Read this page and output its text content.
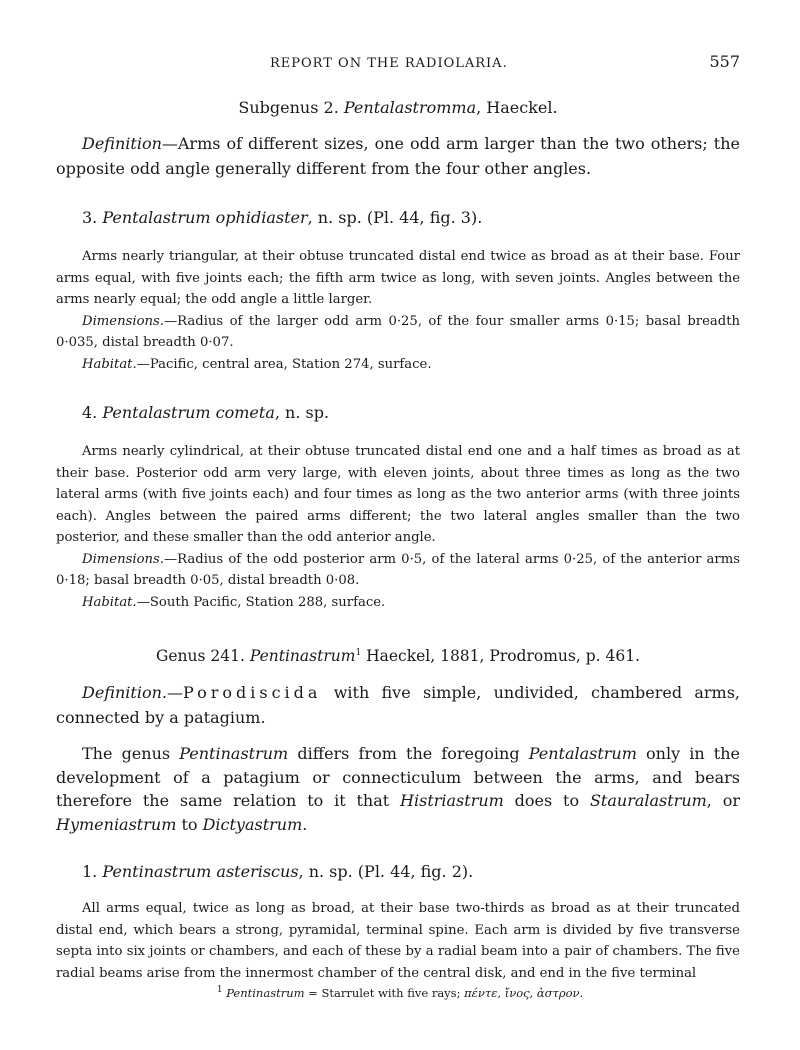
REPORT ON THE RADIOLARIA.	557
Subgenus 2. Pentalastromma, Haeckel.

Definition—Arms of different sizes, one odd arm larger than the two others; the opposite odd angle generally different from the four other angles.

3. Pentalastrum ophidiaster, n. sp. (Pl. 44, fig. 3).

Arms nearly triangular, at their obtuse truncated distal end twice as broad as at their base. Four arms equal, with five joints each; the fifth arm twice as long, with seven joints. Angles between the arms nearly equal; the odd angle a little larger.

Dimensions.—Radius of the larger odd arm 0·25, of the four smaller arms 0·15; basal breadth 0·035, distal breadth 0·07.

Habitat.—Pacific, central area, Station 274, surface.

4. Pentalastrum cometa, n. sp.

Arms nearly cylindrical, at their obtuse truncated distal end one and a half times as broad as at their base. Posterior odd arm very large, with eleven joints, about three times as long as the two lateral arms (with five joints each) and four times as long as the two anterior arms (with three joints each). Angles between the paired arms different; the two lateral angles smaller than the two posterior, and these smaller than the odd anterior angle.

Dimensions.—Radius of the odd posterior arm 0·5, of the lateral arms 0·25, of the anterior arms 0·18; basal breadth 0·05, distal breadth 0·08.

Habitat.—South Pacific, Station 288, surface.

Genus 241. Pentinastrum$^1$ Haeckel, 1881, Prodromus, p. 461.

Definition.—Porodiscida with five simple, undivided, chambered arms, connected by a patagium.

The genus Pentinastrum differs from the foregoing Pentalastrum only in the development of a patagium or connecticulum between the arms, and bears therefore the same relation to it that Histriastrum does to Stauralastrum, or Hymeniastrum to Dictyastrum.

1. Pentinastrum asteriscus, n. sp. (Pl. 44, fig. 2).

All arms equal, twice as long as broad, at their base two-thirds as broad as at their truncated distal end, which bears a strong, pyramidal, terminal spine. Each arm is divided by five transverse septa into six joints or chambers, and each of these by a radial beam into a pair of chambers. The five radial beams arise from the innermost chamber of the central disk, and end in the five terminal

$^1$ Pentinastrum = Starrulet with five rays; πέντε, ἴνος, ἀστρον.
